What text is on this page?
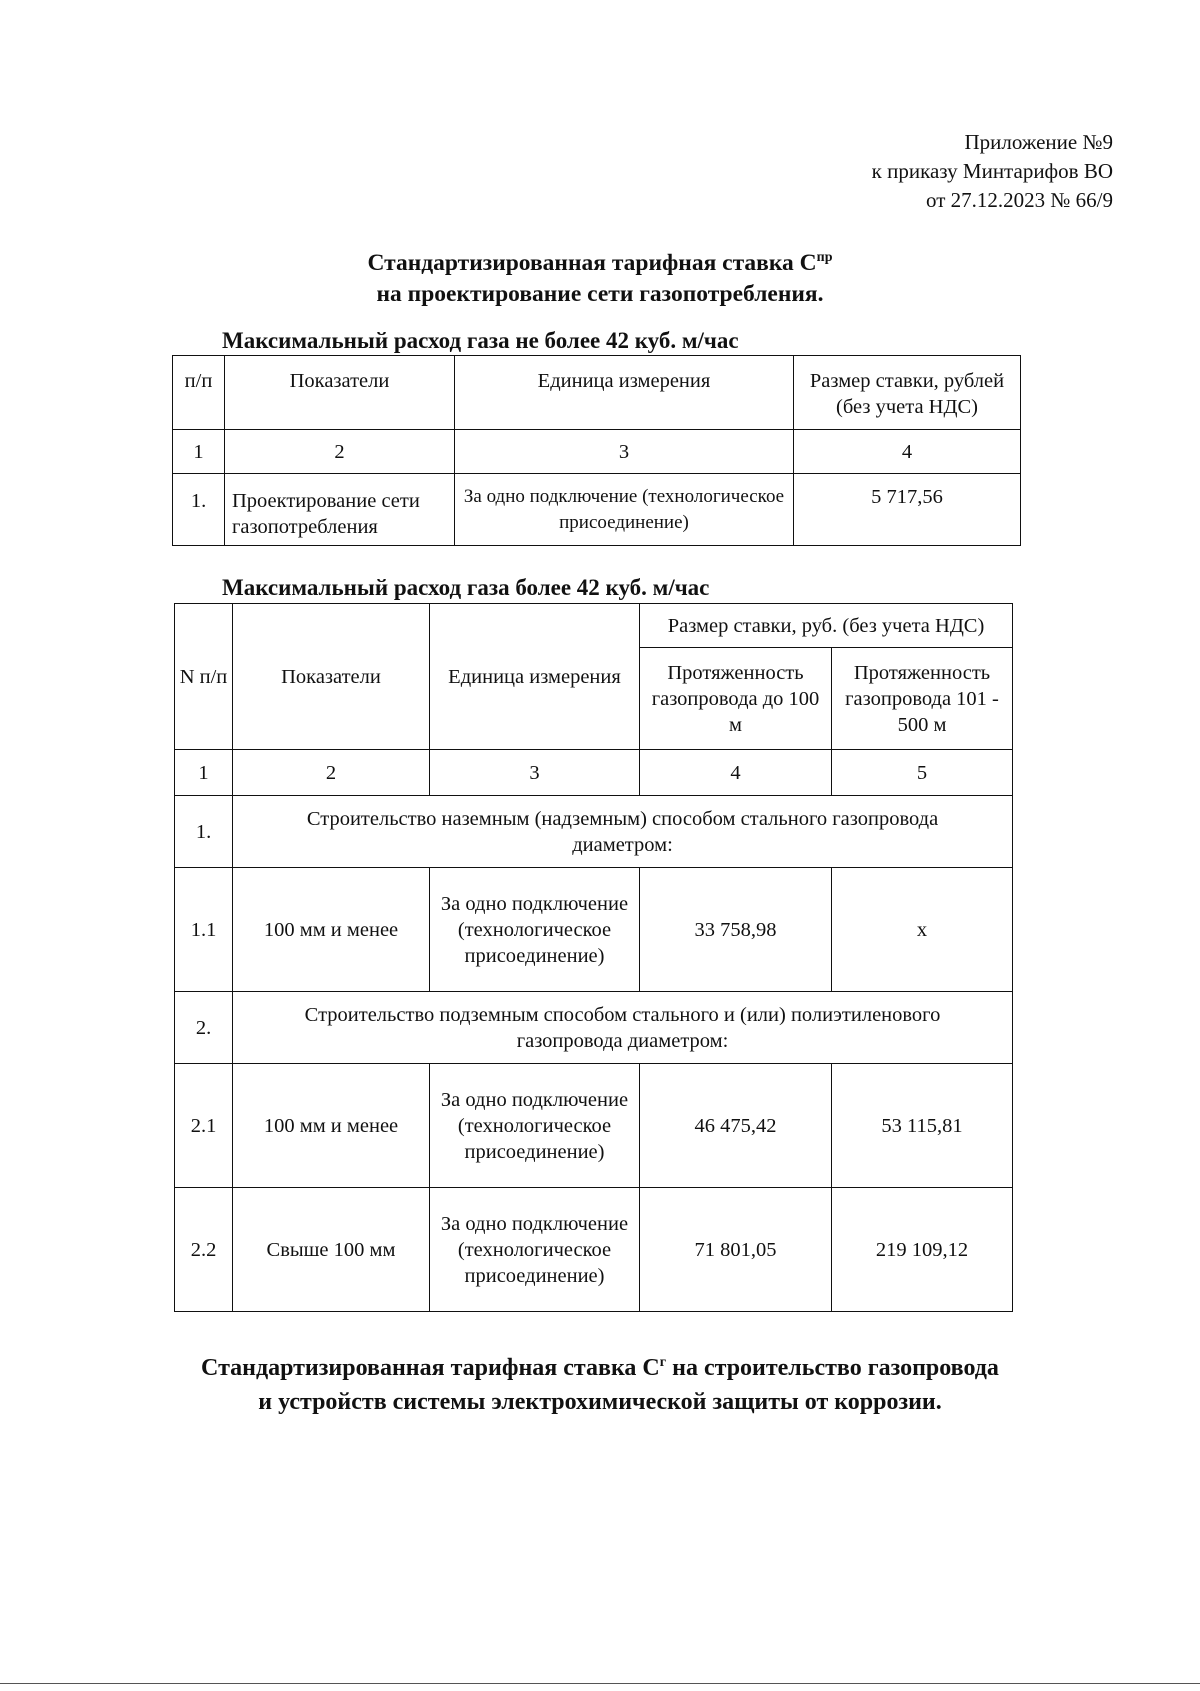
Приложение №9
к приказу Минтарифов ВО
от 27.12.2023 № 66/9
Стандартизированная тарифная ставка $С^{пр}$
на проектирование сети газопотребления.
Максимальный расход газа не более 42 куб. м/час
п/п	Показатели	Единица измерения	Размер ставки, рублей (без учета НДС)
1	2	3	4
1.	Проектирование сети газопотребления	За одно подключение (технологическое присоединение)	5 717,56
Максимальный расход газа более 42 куб. м/час
N п/п	Показатели	Единица измерения	Размер ставки, руб. (без учета НДС)	
			Протяженность газопровода до 100 м	Протяженность газопровода 101 - 500 м
1	2	3	4	5
1.	Строительство наземным (надземным) способом стального газопровода диаметром:			
1.1	100 мм и менее	За одно подключение (технологическое присоединение)	33 758,98	х
2.	Строительство подземным способом стального и (или) полиэтиленового газопровода диаметром:			
2.1	100 мм и менее	За одно подключение (технологическое присоединение)	46 475,42	53 115,81
2.2	Свыше 100 мм	За одно подключение (технологическое присоединение)	71 801,05	219 109,12
Стандартизированная тарифная ставка $С^г$ на строительство газопровода
и устройств системы электрохимической защиты от коррозии.
